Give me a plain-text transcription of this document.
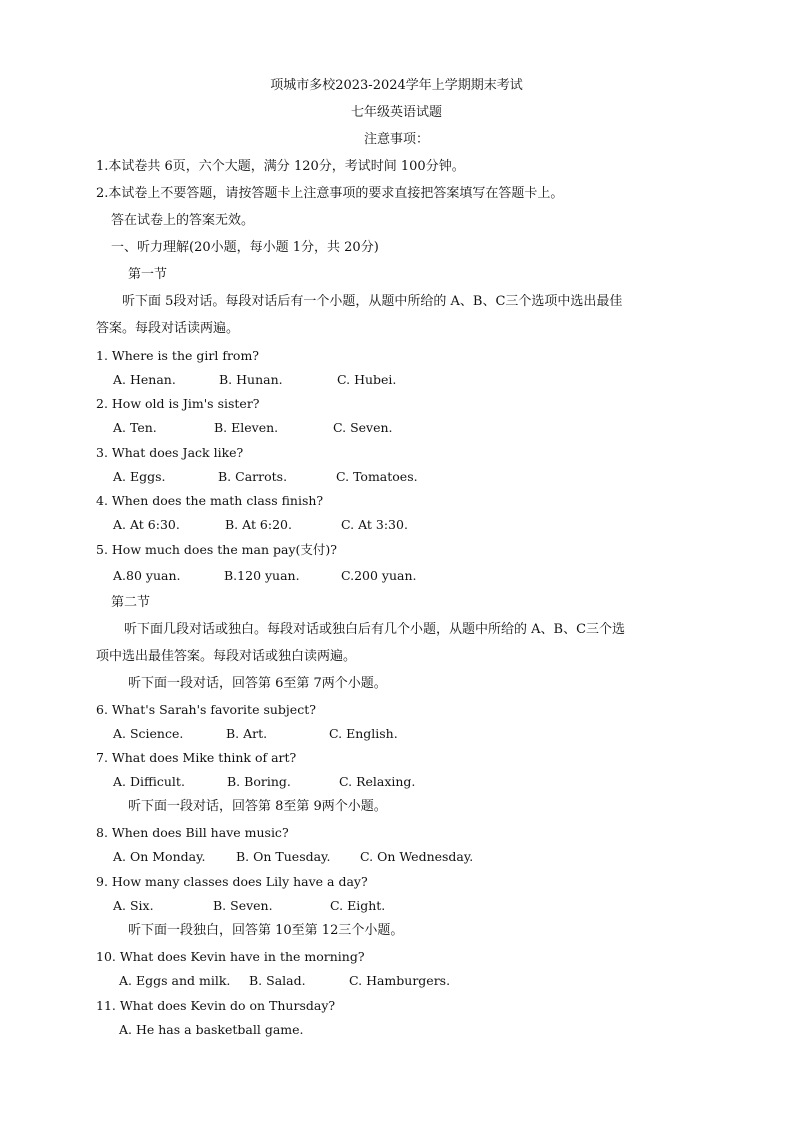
项城市多校2023-2024学年上学期期末考试
七年级英语试题
注意事项：
1.本试卷共 6页，六个大题，满分 120分，考试时间 100分钟。
2.本试卷上不要答题，请按答题卡上注意事项的要求直接把答案填写在答题卡上。
答在试卷上的答案无效。
一、听力理解(20小题，每小题 1分，共 20分)
第一节
听下面 5段对话。每段对话后有一个小题，从题中所给的 A、B、C三个选项中选出最佳
答案。每段对话读两遍。
1. Where is the girl from?
A. Henan.	B. Hunan.	C. Hubei.
2. How old is Jim's sister?
A. Ten.	B. Eleven.	C. Seven.
3. What does Jack like?
A. Eggs.	B. Carrots.	C. Tomatoes.
4. When does the math class finish?
A. At 6:30.	B. At 6:20.	C. At 3:30.
5. How much does the man pay(支付)?
A.80 yuan.	B.120 yuan.	C.200 yuan.
第二节
听下面几段对话或独白。每段对话或独白后有几个小题，从题中所给的 A、B、C三个选
项中选出最佳答案。每段对话或独白读两遍。
听下面一段对话，回答第 6至第 7两个小题。
6. What's Sarah's favorite subject?
A. Science.	B. Art.	C. English.
7. What does Mike think of art?
A. Difficult.	B. Boring.	C. Relaxing.
听下面一段对话，回答第 8至第 9两个小题。
8. When does Bill have music?
A. On Monday. B. On Tuesday. C. On Wednesday.
9. How many classes does Lily have a day?
A. Six.	B. Seven.	C. Eight.
听下面一段独白，回答第 10至第 12三个小题。
10. What does Kevin have in the morning?
A. Eggs and milk. B. Salad.	C. Hamburgers.
11. What does Kevin do on Thursday?
A. He has a basketball game.
